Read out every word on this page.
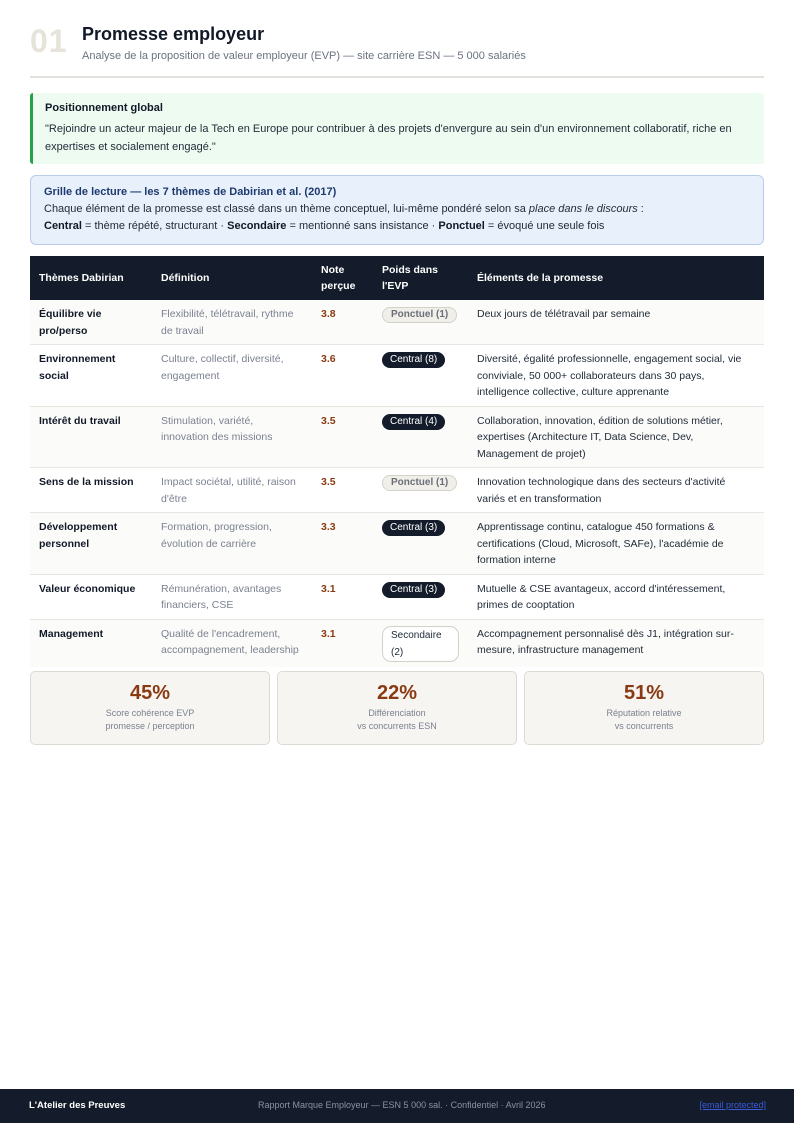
01 Promesse employeur
Analyse de la proposition de valeur employeur (EVP) — site carrière ESN — 5 000 salariés
Positionnement global
"Rejoindre un acteur majeur de la Tech en Europe pour contribuer à des projets d'envergure au sein d'un environnement collaboratif, riche en expertises et socialement engagé."
Grille de lecture — les 7 thèmes de Dabirian et al. (2017)
Chaque élément de la promesse est classé dans un thème conceptuel, lui-même pondéré selon sa place dans le discours :
Central = thème répété, structurant · Secondaire = mentionné sans insistance · Ponctuel = évoqué une seule fois
Thèmes Dabirian	Définition	Note perçue	Poids dans l'EVP	Éléments de la promesse
Équilibre vie pro/perso	Flexibilité, télétravail, rythme de travail	3.8	Ponctuel (1)	Deux jours de télétravail par semaine
Environnement social	Culture, collectif, diversité, engagement	3.6	Central (8)	Diversité, égalité professionnelle, engagement social, vie conviviale, 50 000+ collaborateurs dans 30 pays, intelligence collective, culture apprenante
Intérêt du travail	Stimulation, variété, innovation des missions	3.5	Central (4)	Collaboration, innovation, édition de solutions métier, expertises (Architecture IT, Data Science, Dev, Management de projet)
Sens de la mission	Impact sociétal, utilité, raison d'être	3.5	Ponctuel (1)	Innovation technologique dans des secteurs d'activité variés et en transformation
Développement personnel	Formation, progression, évolution de carrière	3.3	Central (3)	Apprentissage continu, catalogue 450 formations & certifications (Cloud, Microsoft, SAFe), l'académie de formation interne
Valeur économique	Rémunération, avantages financiers, CSE	3.1	Central (3)	Mutuelle & CSE avantageux, accord d'intéressement, primes de cooptation
Management	Qualité de l'encadrement, accompagnement, leadership	3.1	Secondaire (2)	Accompagnement personnalisé dès J1, intégration sur-mesure, infrastructure management
45%
Score cohérence EVP
promesse / perception
22%
Différenciation
vs concurrents ESN
51%
Réputation relative
vs concurrents
L'Atelier des Preuves	Rapport Marque Employeur — ESN 5 000 sal. · Confidentiel · Avril 2026	[email protected]
